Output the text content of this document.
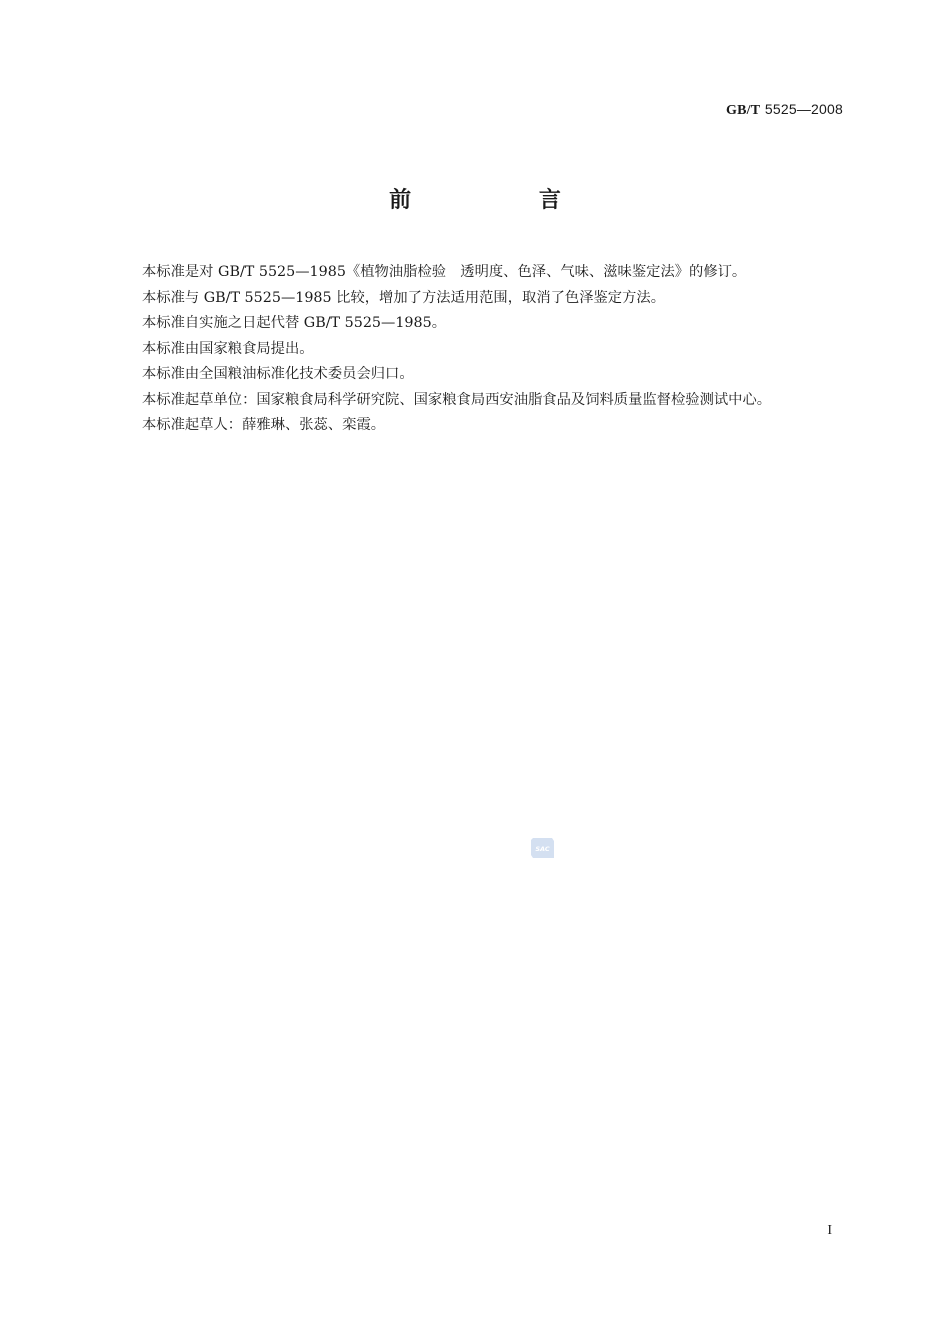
GB/T 5525—2008
前 言

本标准是对 GB/T 5525—1985《植物油脂检验　透明度、色泽、气味、滋味鉴定法》的修订。

本标准与 GB/T 5525—1985 比较，增加了方法适用范围，取消了色泽鉴定方法。

本标准自实施之日起代替 GB/T 5525—1985。

本标准由国家粮食局提出。

本标准由全国粮油标准化技术委员会归口。

本标准起草单位：国家粮食局科学研究院、国家粮食局西安油脂食品及饲料质量监督检验测试中心。

本标准起草人：薛雅琳、张蕊、栾霞。

SAC
I
